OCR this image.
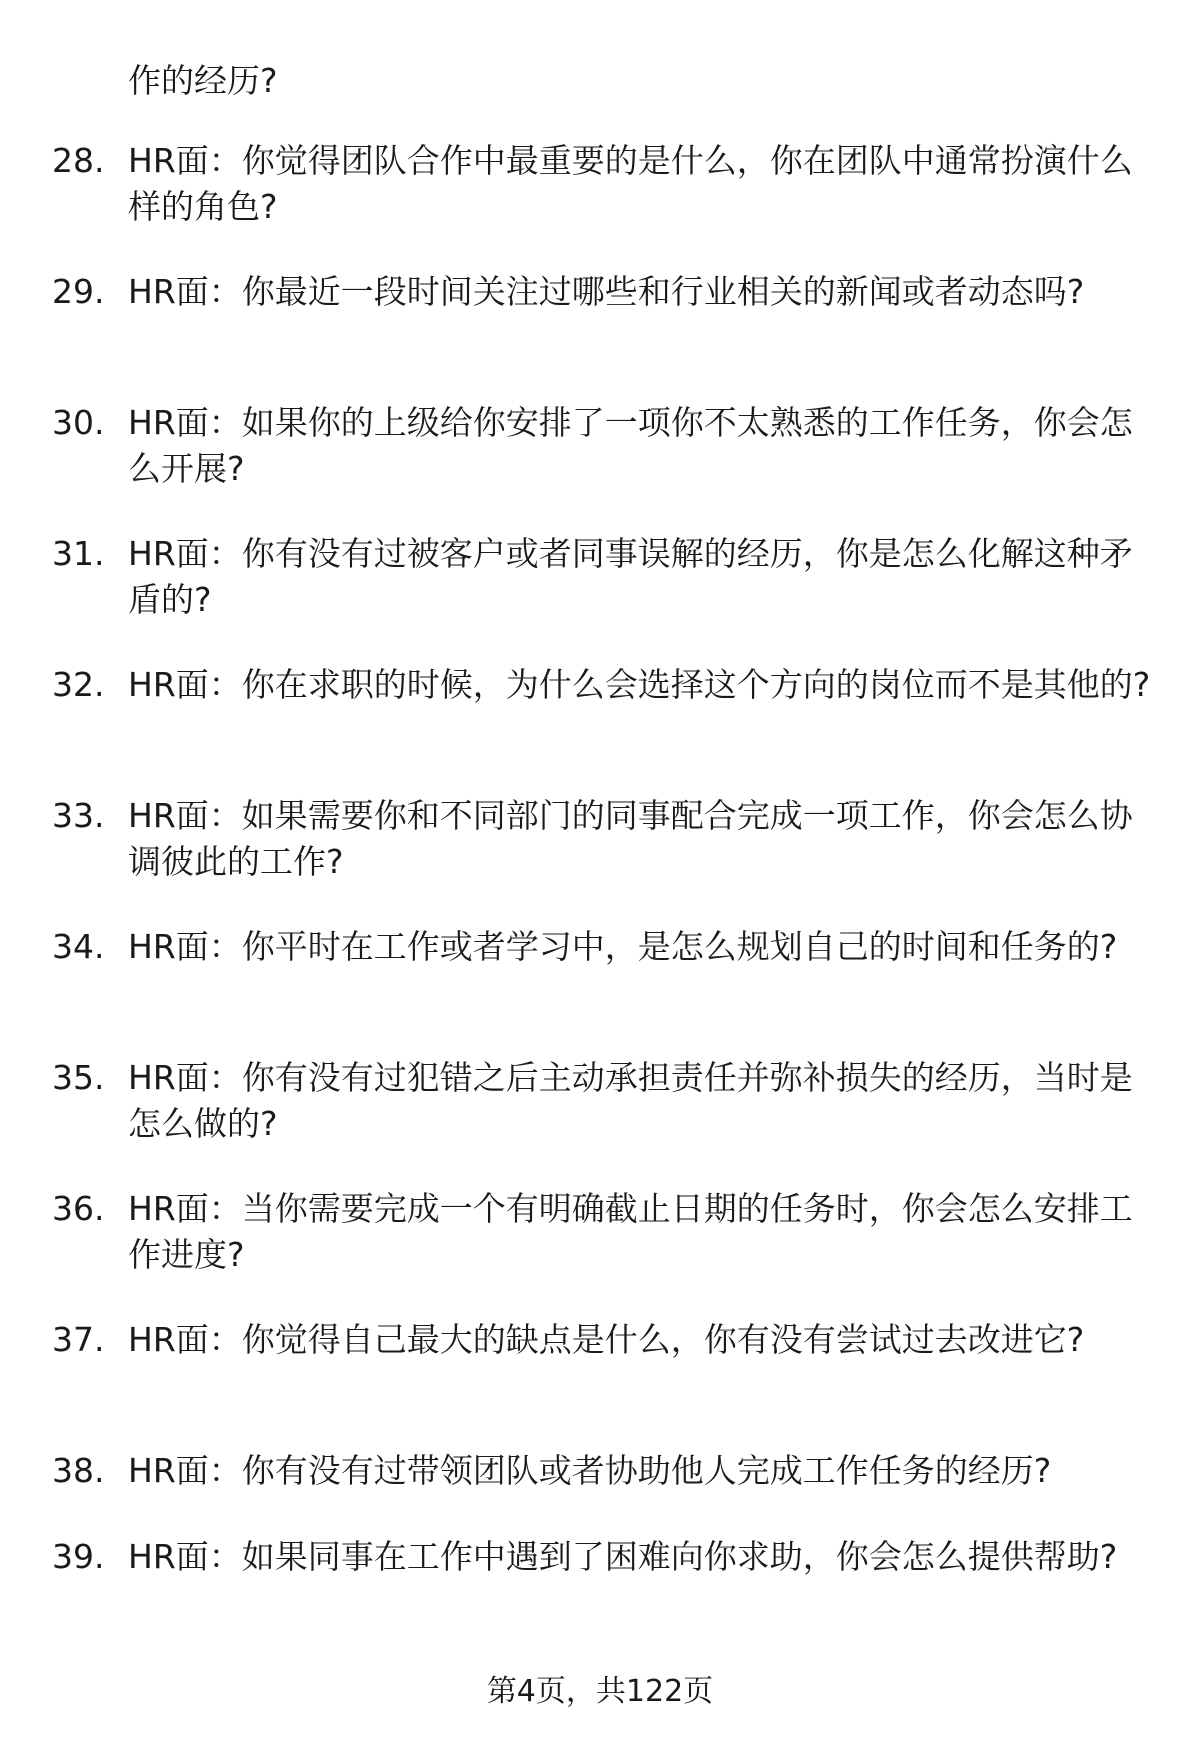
作的经历?

28. HR面：你觉得团队合作中最重要的是什么，你在团队中通常扮演什么样的角色?
29. HR面：你最近一段时间关注过哪些和行业相关的新闻或者动态吗?
30. HR面：如果你的上级给你安排了一项你不太熟悉的工作任务，你会怎么开展?
31. HR面：你有没有过被客户或者同事误解的经历，你是怎么化解这种矛盾的?
32. HR面：你在求职的时候，为什么会选择这个方向的岗位而不是其他的?
33. HR面：如果需要你和不同部门的同事配合完成一项工作，你会怎么协调彼此的工作?
34. HR面：你平时在工作或者学习中，是怎么规划自己的时间和任务的?
35. HR面：你有没有过犯错之后主动承担责任并弥补损失的经历，当时是怎么做的?
36. HR面：当你需要完成一个有明确截止日期的任务时，你会怎么安排工作进度?
37. HR面：你觉得自己最大的缺点是什么，你有没有尝试过去改进它?
38. HR面：你有没有过带领团队或者协助他人完成工作任务的经历?
39. HR面：如果同事在工作中遇到了困难向你求助，你会怎么提供帮助?
第4页，共122页
